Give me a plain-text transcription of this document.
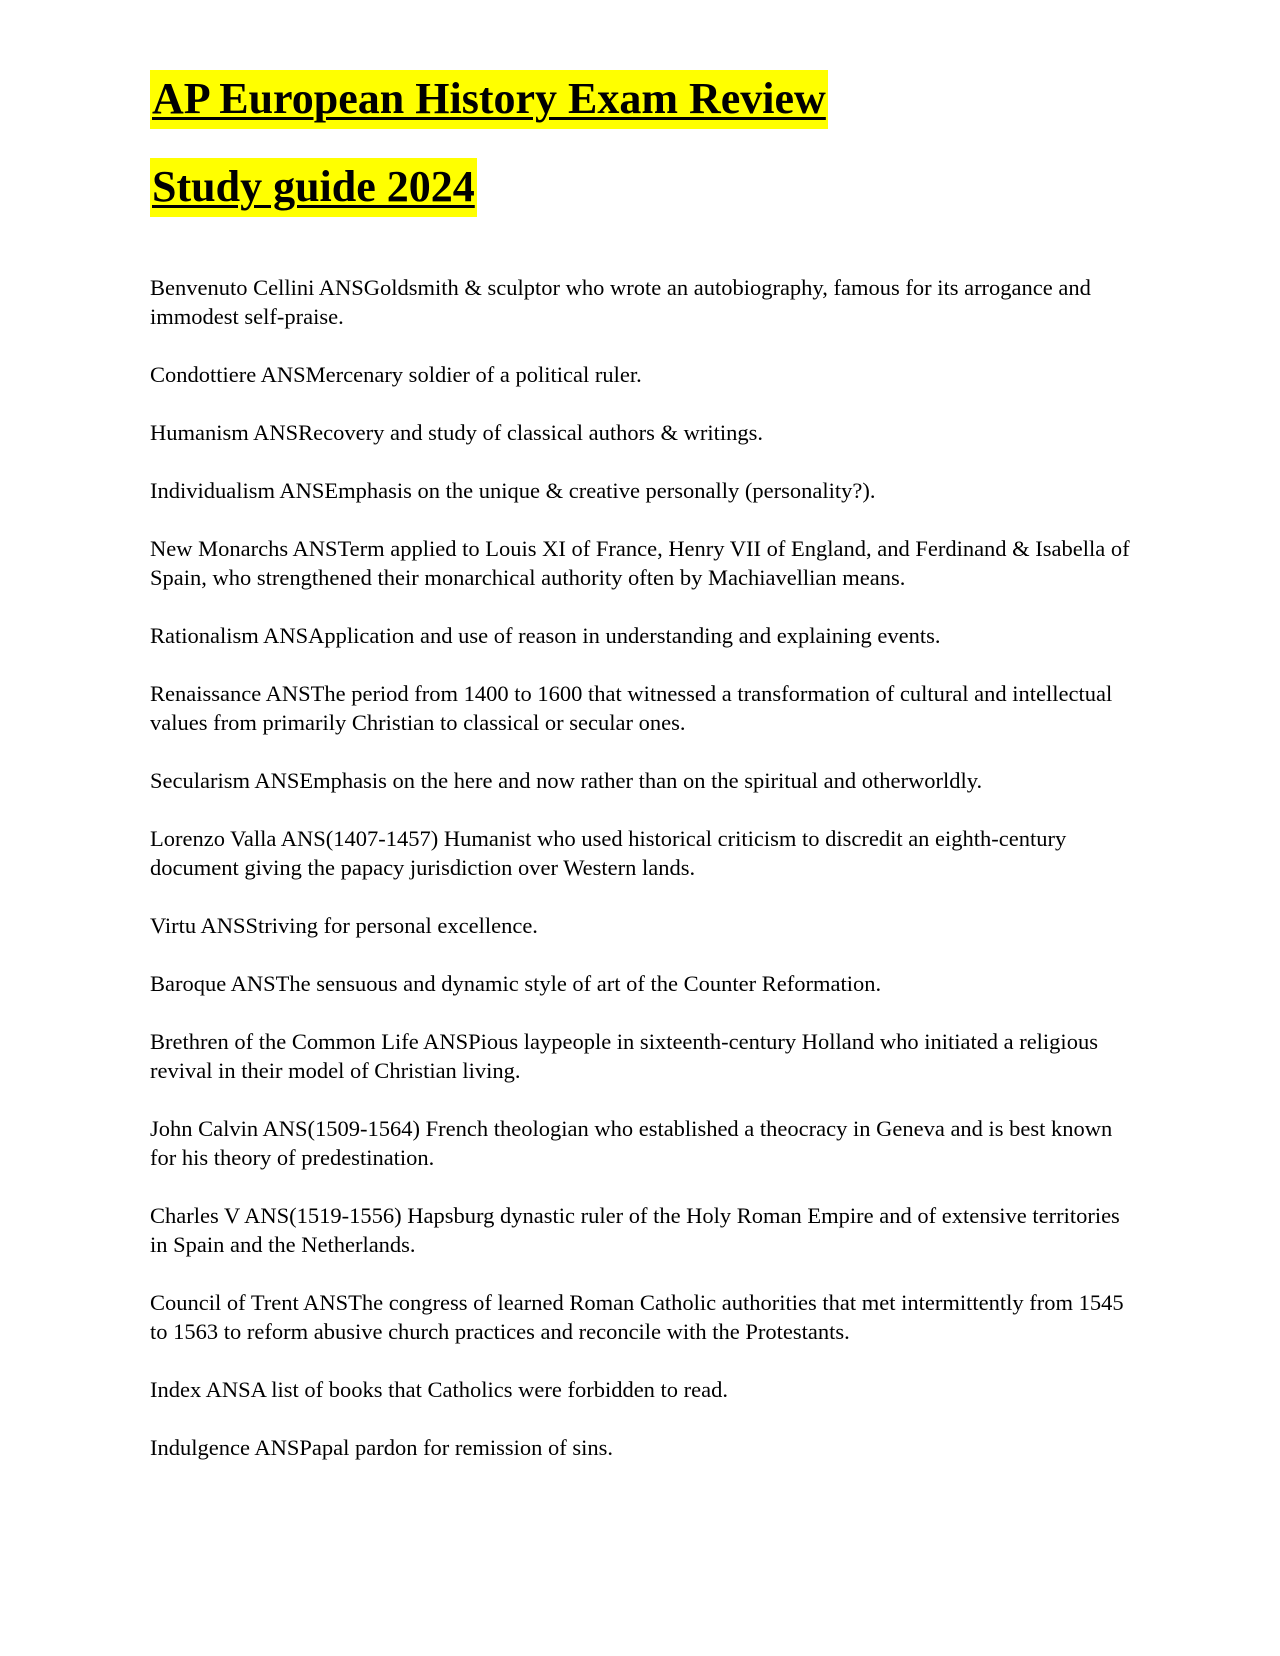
AP European History Exam Review
Study guide 2024

Benvenuto Cellini ANSGoldsmith & sculptor who wrote an autobiography, famous for its arrogance and immodest self-praise.

Condottiere ANSMercenary soldier of a political ruler.

Humanism ANSRecovery and study of classical authors & writings.

Individualism ANSEmphasis on the unique & creative personally (personality?).

New Monarchs ANSTerm applied to Louis XI of France, Henry VII of England, and Ferdinand & Isabella of Spain, who strengthened their monarchical authority often by Machiavellian means.

Rationalism ANSApplication and use of reason in understanding and explaining events.

Renaissance ANSThe period from 1400 to 1600 that witnessed a transformation of cultural and intellectual values from primarily Christian to classical or secular ones.

Secularism ANSEmphasis on the here and now rather than on the spiritual and otherworldly.

Lorenzo Valla ANS(1407-1457) Humanist who used historical criticism to discredit an eighth-century document giving the papacy jurisdiction over Western lands.

Virtu ANSStriving for personal excellence.

Baroque ANSThe sensuous and dynamic style of art of the Counter Reformation.

Brethren of the Common Life ANSPious laypeople in sixteenth-century Holland who initiated a religious revival in their model of Christian living.

John Calvin ANS(1509-1564) French theologian who established a theocracy in Geneva and is best known for his theory of predestination.

Charles V ANS(1519-1556) Hapsburg dynastic ruler of the Holy Roman Empire and of extensive territories in Spain and the Netherlands.

Council of Trent ANSThe congress of learned Roman Catholic authorities that met intermittently from 1545 to 1563 to reform abusive church practices and reconcile with the Protestants.

Index ANSA list of books that Catholics were forbidden to read.

Indulgence ANSPapal pardon for remission of sins.
